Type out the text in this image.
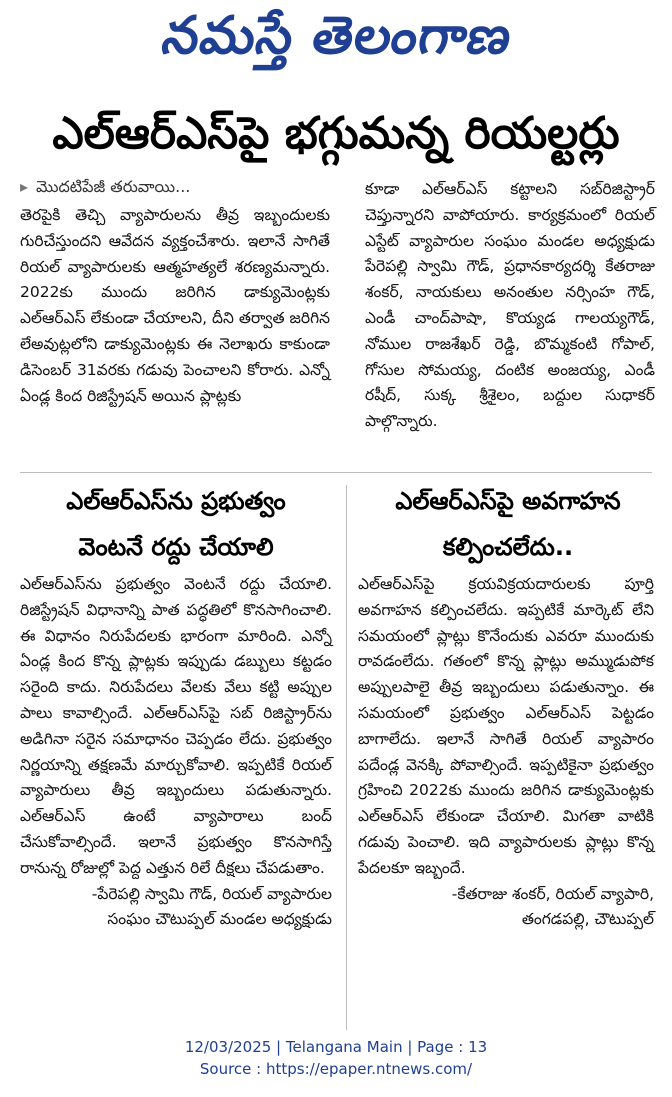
నమస్తే తెలంగాణ
ఎల్‌ఆర్‌ఎస్‌పై భగ్గుమన్న రియల్టర్లు
▸ మొదటిపేజీ తరువాయి...

తెరపైకి తెచ్చి వ్యాపారులను తీవ్ర ఇబ్బందులకు గురిచేస్తుందని ఆవేదన వ్యక్తంచేశారు. ఇలానే సాగితే రియల్‌ వ్యాపారులకు ఆత్మహత్యలే శరణ్యమన్నారు. 2022కు ముందు జరిగిన డాక్యుమెంట్లకు ఎల్‌ఆర్‌ఎస్‌ లేకుండా చేయాలని, దీని తర్వాత జరిగిన లేఅవుట్లలోని డాక్యుమెంట్లకు ఈ నెలాఖరు కాకుండా డిసెంబర్‌ 31వరకు గడువు పెంచాలని కోరారు. ఎన్నో ఏండ్ల కింద రిజిస్ట్రేషన్‌ అయిన ప్లాట్లకు

కూడా ఎల్‌ఆర్‌ఎస్‌ కట్టాలని సబ్‌రిజిస్ట్రార్‌ చెప్తున్నారని వాపోయారు. కార్యక్రమంలో రియల్‌ ఎస్టేట్‌ వ్యాపారుల సంఘం మండల అధ్యక్షుడు పేరెపల్లి స్వామి గౌడ్‌, ప్రధానకార్యదర్శి కేతరాజు శంకర్‌, నాయకులు అనంతుల నర్సింహ గౌడ్‌, ఎండీ చాంద్‌పాషా, కొయ్యడ గాలయ్యగౌడ్‌, నోముల రాజశేఖర్‌ రెడ్డి, బొమ్మకంటి గోపాల్‌, గోసుల సోమయ్య, దంటిక అంజయ్య, ఎండీ రషీద్‌, సుక్క శ్రీశైలం, బద్దుల సుధాకర్‌ పాల్గొన్నారు.

ఎల్‌ఆర్‌ఎస్‌ను ప్రభుత్వం
వెంటనే రద్దు చేయాలి
ఎల్‌ఆర్‌ఎస్‌పై అవగాహన
కల్పించలేదు..

ఎల్‌ఆర్‌ఎస్‌ను ప్రభుత్వం వెంటనే రద్దు చేయాలి. రిజిస్ట్రేషన్‌ విధానాన్ని పాత పద్ధతిలో కొనసాగించాలి. ఈ విధానం నిరుపేదలకు భారంగా మారింది. ఎన్నో ఏండ్ల కింద కొన్న ప్లాట్లకు ఇప్పుడు డబ్బులు కట్టడం సరైంది కాదు. నిరుపేదలు వేలకు వేలు కట్టి అప్పుల పాలు కావాల్సిందే. ఎల్‌ఆర్‌ఎస్‌పై సబ్‌ రిజిస్ట్రార్‌ను అడిగినా సరైన సమాధానం చెప్పడం లేదు. ప్రభుత్వం నిర్ణయాన్ని తక్షణమే మార్చుకోవాలి. ఇప్పటికే రియల్‌ వ్యాపారులు తీవ్ర ఇబ్బందులు పడుతున్నారు. ఎల్‌ఆర్‌ఎస్‌ ఉంటే వ్యాపారాలు బంద్‌ చేసుకోవాల్సిందే. ఇలానే ప్రభుత్వం కొనసాగిస్తే రానున్న రోజుల్లో పెద్ద ఎత్తున రిలే దీక్షలు చేపడుతాం.

-పేరెపల్లి స్వామి గౌడ్‌, రియల్‌ వ్యాపారుల

సంఘం చౌటుప్పల్‌ మండల అధ్యక్షుడు

ఎల్‌ఆర్‌ఎస్‌పై క్రయవిక్రయదారులకు పూర్తి అవగాహన కల్పించలేదు. ఇప్పటికే మార్కెట్‌ లేని సమయంలో ప్లాట్లు కొనేందుకు ఎవరూ ముందుకు రావడంలేదు. గతంలో కొన్న ప్లాట్లు అమ్ముడుపోక అప్పులపాలై తీవ్ర ఇబ్బందులు పడుతున్నాం. ఈ సమయంలో ప్రభుత్వం ఎల్‌ఆర్‌ఎస్‌ పెట్టడం బాగాలేదు. ఇలానే సాగితే రియల్‌ వ్యాపారం పదేండ్ల వెనక్కి పోవాల్సిందే. ఇప్పటికైనా ప్రభుత్వం గ్రహించి 2022కు ముందు జరిగిన డాక్యుమెంట్లకు ఎల్‌ఆర్‌ఎస్‌ లేకుండా చేయాలి. మిగతా వాటికి గడువు పెంచాలి. ఇది వ్యాపారులకు ప్లాట్లు కొన్న పేదలకూ ఇబ్బందే.

-కేతరాజు శంకర్‌, రియల్‌ వ్యాపారి,

తంగడపల్లి, చౌటుప్పల్‌

12/03/2025 | Telangana Main | Page : 13
Source : https://epaper.ntnews.com/
